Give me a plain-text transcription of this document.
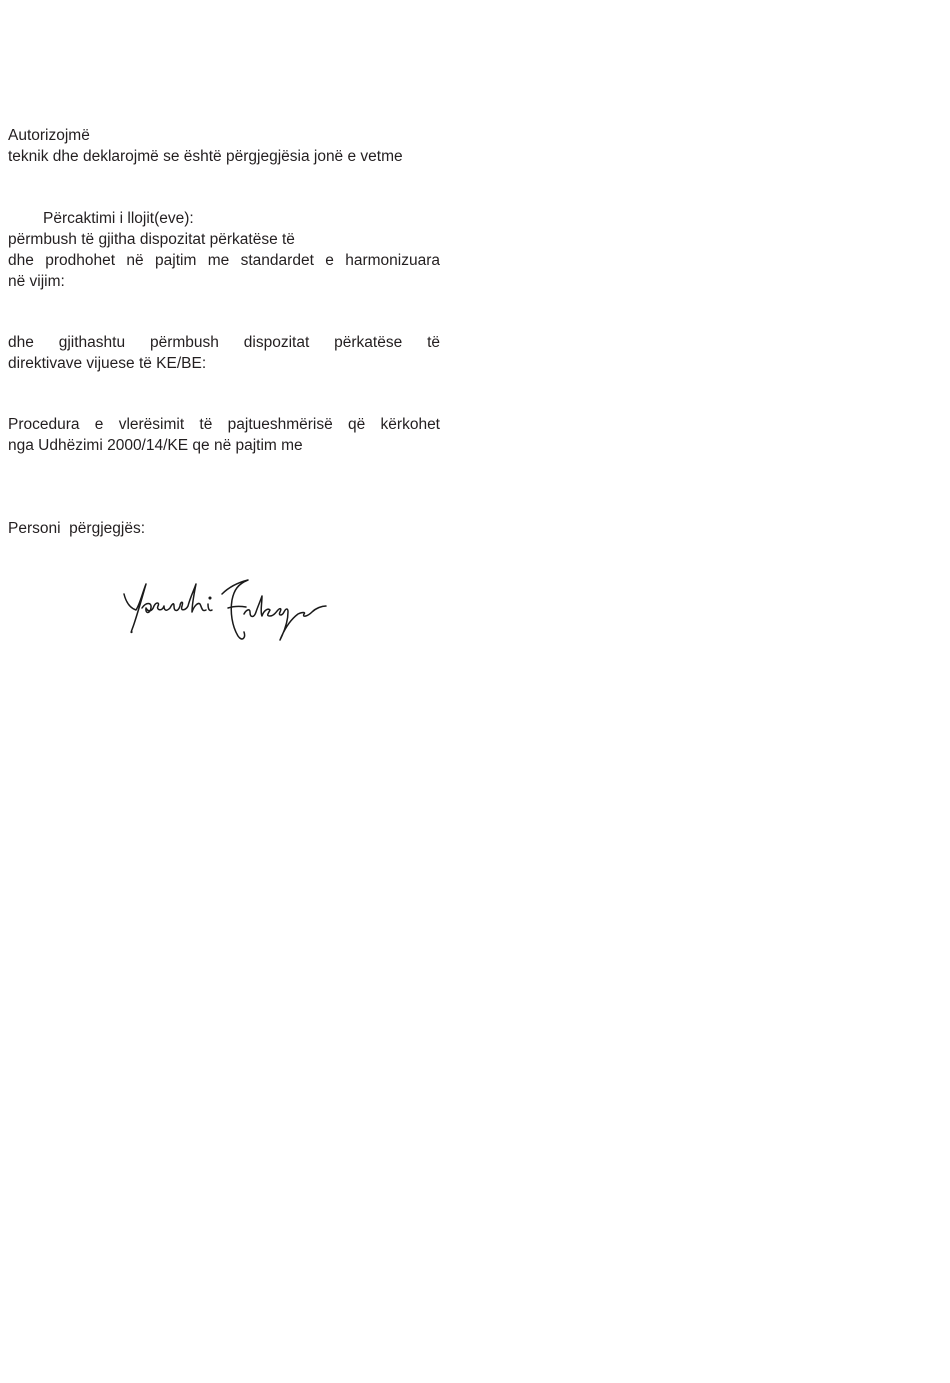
Autorizojmë
teknik dhe deklarojmë se është përgjegjësia jonë e vetme
Përcaktimi i llojit(eve):
përmbush të gjitha dispozitat përkatëse të
dhe prodhohet në pajtim me standardet e harmonizuara
në vijim:
dhe gjithashtu përmbush dispozitat përkatëse të
direktivave vijuese të KE/BE:
Procedura e vlerësimit të pajtueshmërisë që kërkohet
nga Udhëzimi 2000/14/KE qe në pajtim me
Personi  përgjegjës:
